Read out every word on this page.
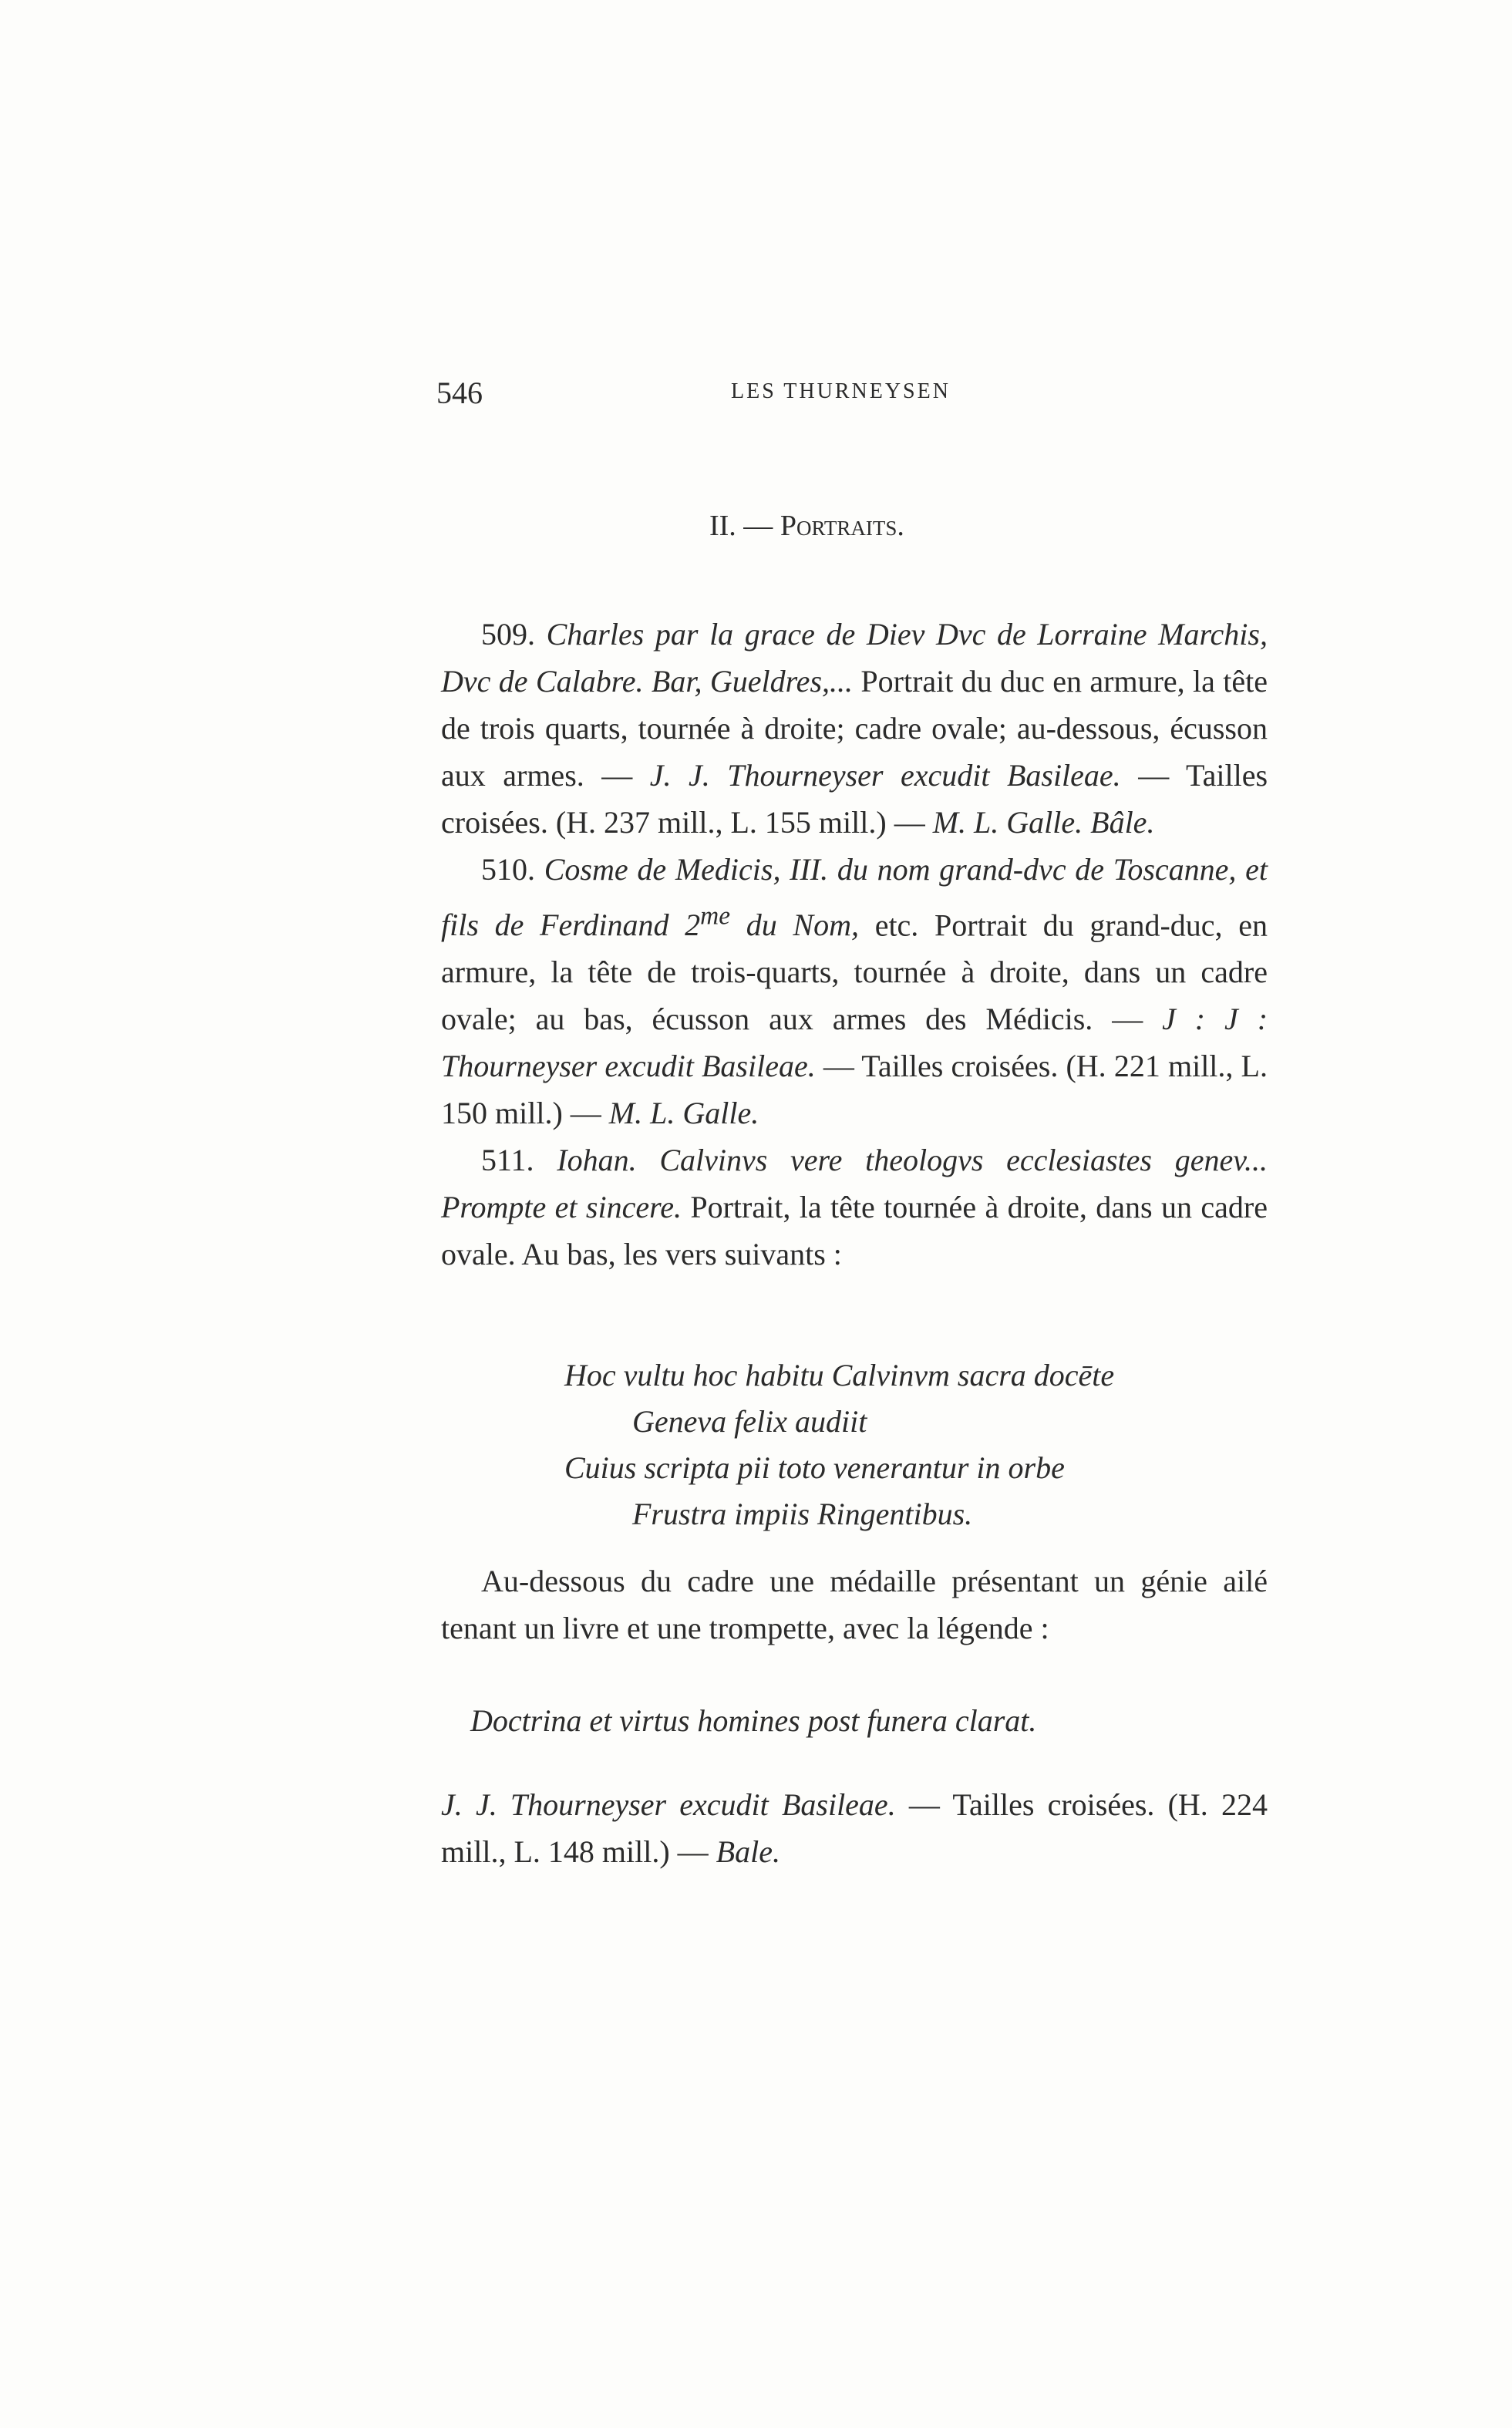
546	LES THURNEYSEN
II. — Portraits.

509. Charles par la grace de Diev Dvc de Lorraine Marchis, Dvc de Calabre. Bar, Gueldres,... Portrait du duc en armure, la tête de trois quarts, tournée à droite; cadre ovale; au-dessous, écusson aux armes. — J. J. Thourneyser excudit Basileae. — Tailles croisées. (H. 237 mill., L. 155 mill.) — M. L. Galle. Bâle.

510. Cosme de Medicis, III. du nom grand-dvc de Toscanne, et fils de Ferdinand $2^{me}$ du Nom, etc. Portrait du grand-duc, en armure, la tête de trois-quarts, tournée à droite, dans un cadre ovale; au bas, écusson aux armes des Médicis. — J : J : Thourneyser excudit Basileae. — Tailles croisées. (H. 221 mill., L. 150 mill.) — M. L. Galle.

511. Iohan. Calvinvs vere theologvs ecclesiastes genev... Prompte et sincere. Portrait, la tête tournée à droite, dans un cadre ovale. Au bas, les vers suivants :

Hoc vultu hoc habitu Calvinvm sacra docēte
Geneva felix audiit
Cuius scripta pii toto venerantur in orbe
Frustra impiis Ringentibus.

Au-dessous du cadre une médaille présentant un génie ailé tenant un livre et une trompette, avec la légende :

Doctrina et virtus homines post funera clarat.
J. J. Thourneyser excudit Basileae. — Tailles croisées. (H. 224 mill., L. 148 mill.) — Bale.
